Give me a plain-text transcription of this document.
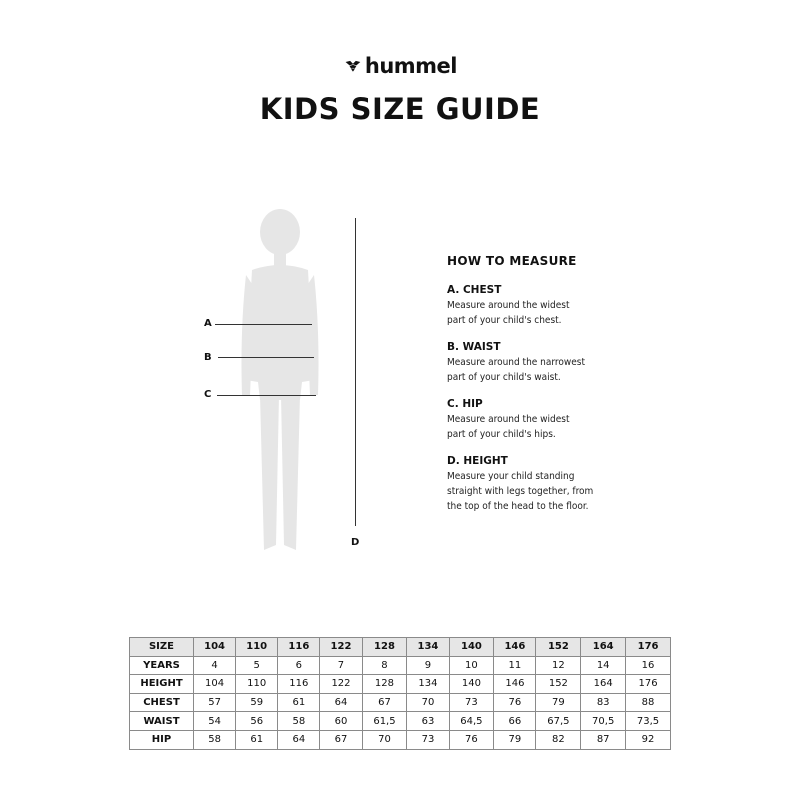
hummel
KIDS SIZE GUIDE
A
B
C
D
HOW TO MEASURE
A. CHEST
Measure around the widest
part of your child's chest.
B. WAIST
Measure around the narrowest
part of your child's waist.
C. HIP
Measure around the widest
part of your child's hips.
D. HEIGHT
Measure your child standing
straight with legs together, from
the top of the head to the floor.
SIZE	104	110	116	122	128	134	140	146	152	164	176
YEARS	4	5	6	7	8	9	10	11	12	14	16
HEIGHT	104	110	116	122	128	134	140	146	152	164	176
CHEST	57	59	61	64	67	70	73	76	79	83	88
WAIST	54	56	58	60	61,5	63	64,5	66	67,5	70,5	73,5
HIP	58	61	64	67	70	73	76	79	82	87	92
